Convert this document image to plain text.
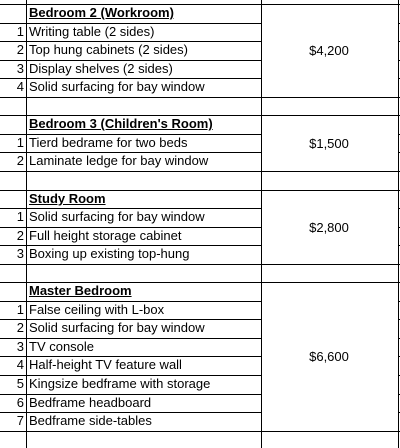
Bedroom 2 (Workroom)
1 Writing table (2 sides)
2 Top hung cabinets (2 sides)
3 Display shelves (2 sides)
4 Solid surfacing for bay window
Bedroom 3 (Children's Room)
1 Tierd bedrame for two beds
2 Laminate ledge for bay window
Study Room
1 Solid surfacing for bay window
2 Full height storage cabinet
3 Boxing up existing top-hung
Master Bedroom
1 False ceiling with L-box
2 Solid surfacing for bay window
3 TV console
4 Half-height TV feature wall
5 Kingsize bedframe with storage
6 Bedframe headboard
7 Bedframe side-tables
$4,200
$1,500
$2,800
$6,600
